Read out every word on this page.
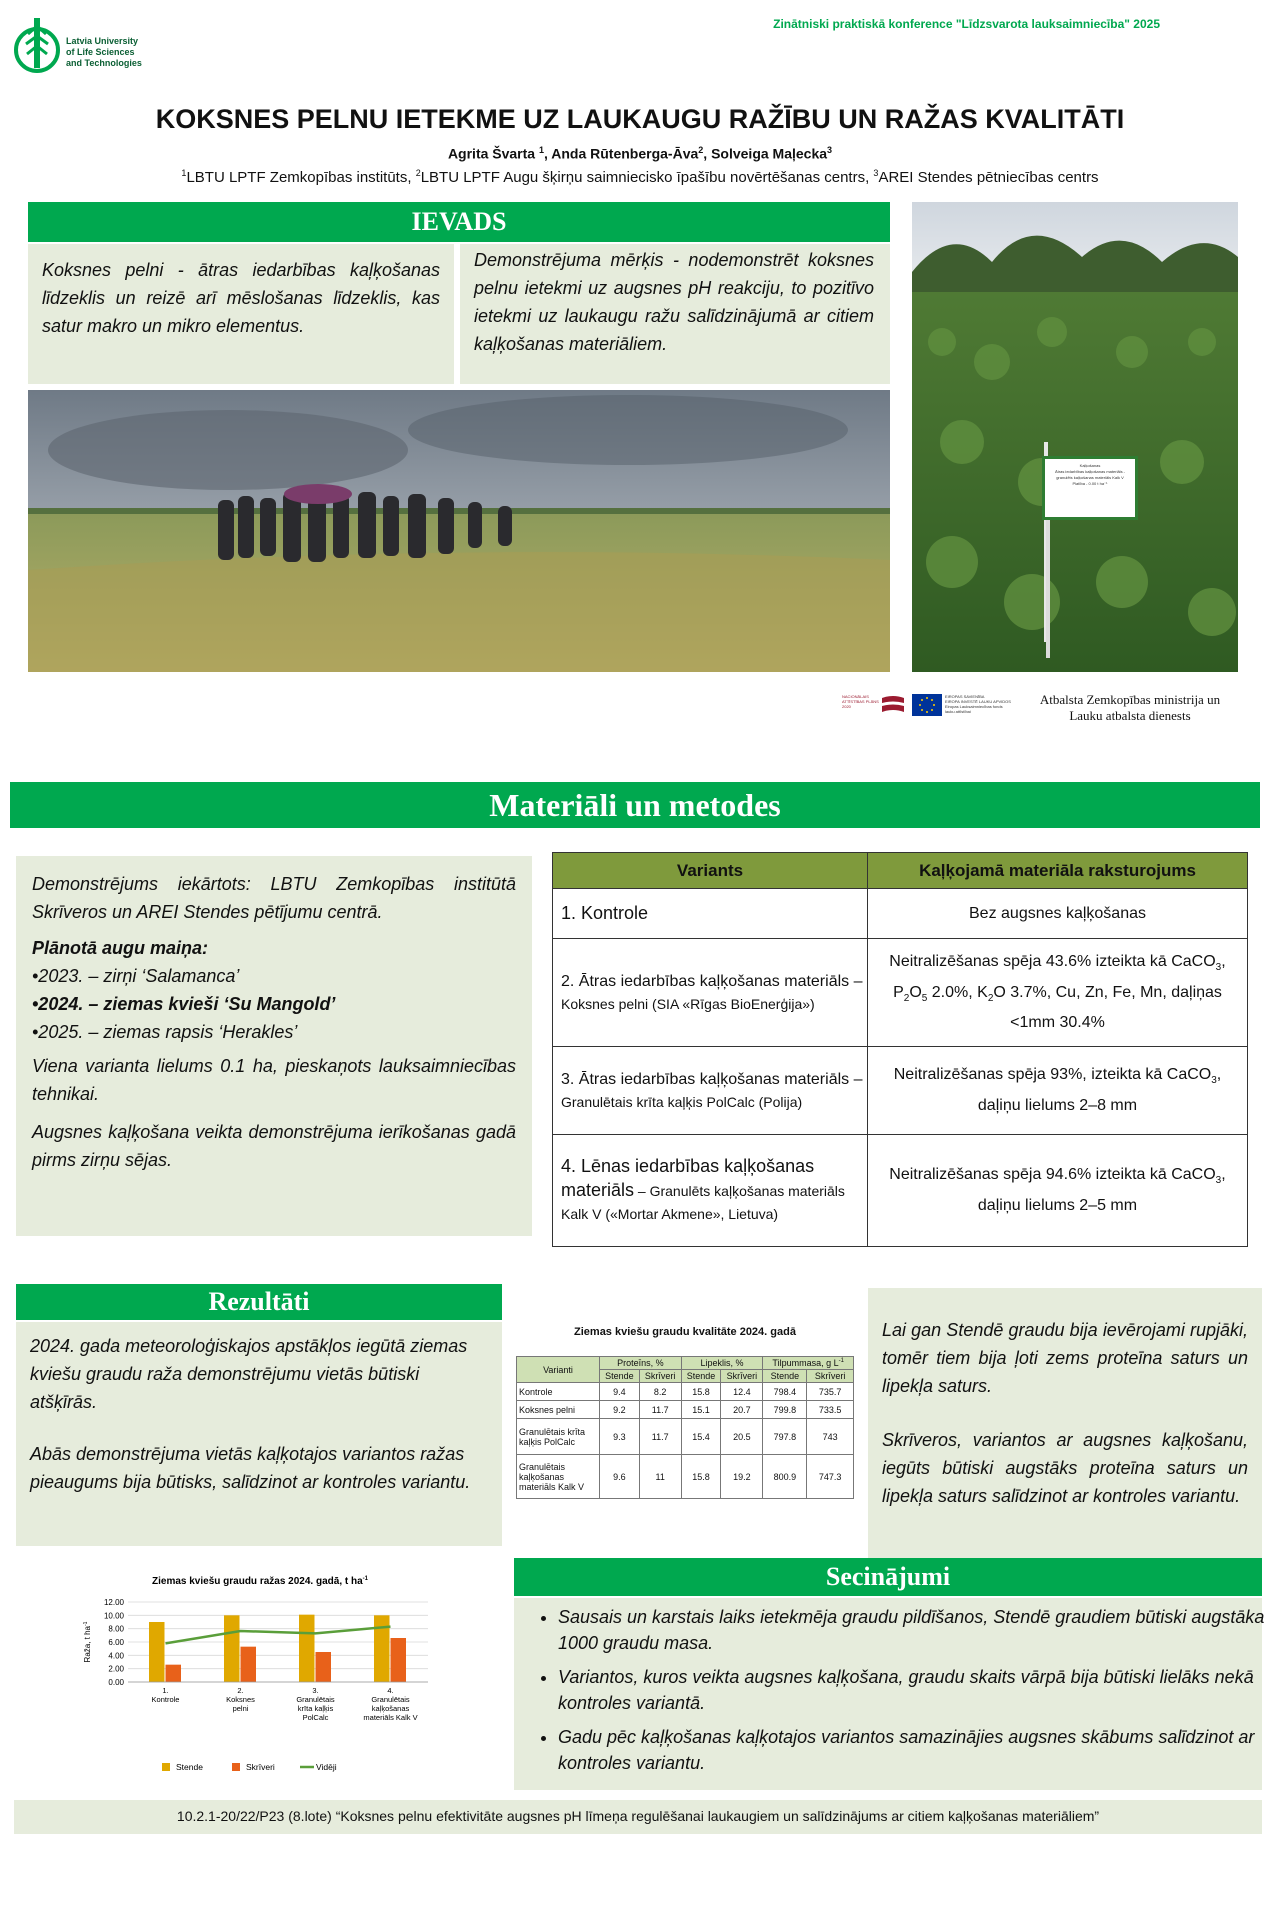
Latvia University
of Life Sciences
and Technologies
Zinātniski praktiskā konference "Līdzsvarota lauksaimniecība" 2025
KOKSNES PELNU IETEKME UZ LAUKAUGU RAŽĪBU UN RAŽAS KVALITĀTI
Agrita Švarta $^1$, Anda Rūtenberga-Āva$^2$, Solveiga Maļecka$^3$
$^1$LBTU LPTF Zemkopības institūts, $^2$LBTU LPTF Augu šķirņu saimniecisko īpašību novērtēšanas centrs, $^3$AREI Stendes pētniecības centrs
IEVADS
Koksnes pelni - ātras iedarbības kaļķošanas līdzeklis un reizē arī mēslošanas līdzeklis, kas satur makro un mikro elementus.
Demonstrējuma mērķis - nodemonstrēt koksnes pelnu ietekmi uz augsnes pH reakciju, to pozitīvo ietekmi uz laukaugu ražu salīdzinājumā ar citiem kaļķošanas materiāliem.
Kaļķošanas
Ātras iedarbības kaļķošanas materiāls -
granulēts kaļķošanas materiāls Kalk V
Platība - 0.00 t ha⁻¹
NACIONĀLAIS ATTĪSTĪBAS PLĀNS 2020
EIROPAS SAVIENĪBA
EIROPA INVESTĒ LAUKU APVIDOS
Eiropas Lauksaimniecības fonds lauku attīstībai
Atbalsta Zemkopības ministrija un
Lauku atbalsta dienests
Materiāli un metodes
Demonstrējums iekārtots: LBTU Zemkopības institūtā Skrīveros un AREI Stendes pētījumu centrā.
Plānotā augu maiņa:
•2023. – zirņi ‘Salamanca’
•2024. – ziemas kvieši ‘Su Mangold’
•2025. – ziemas rapsis ‘Herakles’
Viena varianta lielums 0.1 ha, pieskaņots lauksaimniecības tehnikai.
Augsnes kaļķošana veikta demonstrējuma ierīkošanas gadā pirms zirņu sējas.
Variants	Kaļķojamā materiāla raksturojums
1. Kontrole	Bez augsnes kaļķošanas
2. Ātras iedarbības kaļķošanas materiāls – Koksnes pelni (SIA «Rīgas BioEnerģija»)	Neitralizēšanas spēja 43.6% izteikta kā CaCO$_3$, $P_2O_5$ 2.0%, $K_2O$ 3.7%, Cu, Zn, Fe, Mn, daļiņas <1mm 30.4%
3. Ātras iedarbības kaļķošanas materiāls – Granulētais krīta kaļķis PolCalc (Polija)	Neitralizēšanas spēja 93%, izteikta kā CaCO$_3$, daļiņu lielums 2–8 mm
4. Lēnas iedarbības kaļķošanas materiāls – Granulēts kaļķošanas materiāls Kalk V («Mortar Akmene», Lietuva)	Neitralizēšanas spēja 94.6% izteikta kā CaCO$_3$, daļiņu lielums 2–5 mm
Rezultāti
2024. gada meteoroloģiskajos apstākļos iegūtā ziemas kviešu graudu raža demonstrējumu vietās būtiski atšķīrās.
Abās demonstrējuma vietās kaļķotajos variantos ražas pieaugums bija būtisks, salīdzinot ar kontroles variantu.
Ziemas kviešu graudu kvalitāte 2024. gadā
Varianti	Proteīns, %		Lipeklis, %		Tilpummasa, g $L^{-1}$
	Stende	Skrīveri	Stende	Skrīveri	Stende	Skrīveri
Kontrole	9.4	8.2	15.8	12.4	798.4	735.7
Koksnes pelni	9.2	11.7	15.1	20.7	799.8	733.5
Granulētais krīta kaļķis PolCalc	9.3	11.7	15.4	20.5	797.8	743
Granulētais kaļķošanas materiāls Kalk V	9.6	11	15.8	19.2	800.9	747.3
Lai gan Stendē graudu bija ievērojami rupjāki, tomēr tiem bija ļoti zems proteīna saturs un lipekļa saturs.
Skrīveros, variantos ar augsnes kaļķošanu, iegūts būtiski augstāks proteīna saturs un lipekļa saturs salīdzinot ar kontroles variantu.
Ziemas kviešu graudu ražas 2024. gadā, t $ha^{-1}$
Raža, t $ha^{-1}$
0.00
2.00
4.00
6.00
8.00
10.00
12.00
1. Kontrole
2. Koksnes pelni
3. Granulētais krīta kaļķis PolCalc
4. Granulētais kaļķošanas materiāls Kalk V
Stende	Skrīveri	Vidēji
Secinājumi
• Sausais un karstais laiks ietekmēja graudu pildīšanos, Stendē graudiem būtiski augstāka 1000 graudu masa.
• Variantos, kuros veikta augsnes kaļķošana, graudu skaits vārpā bija būtiski lielāks nekā kontroles variantā.
• Gadu pēc kaļķošanas kaļķotajos variantos samazinājies augsnes skābums salīdzinot ar kontroles variantu.
10.2.1-20/22/P23 (8.lote) “Koksnes pelnu efektivitāte augsnes pH līmeņa regulēšanai laukaugiem un salīdzinājums ar citiem kaļķošanas materiāliem”
